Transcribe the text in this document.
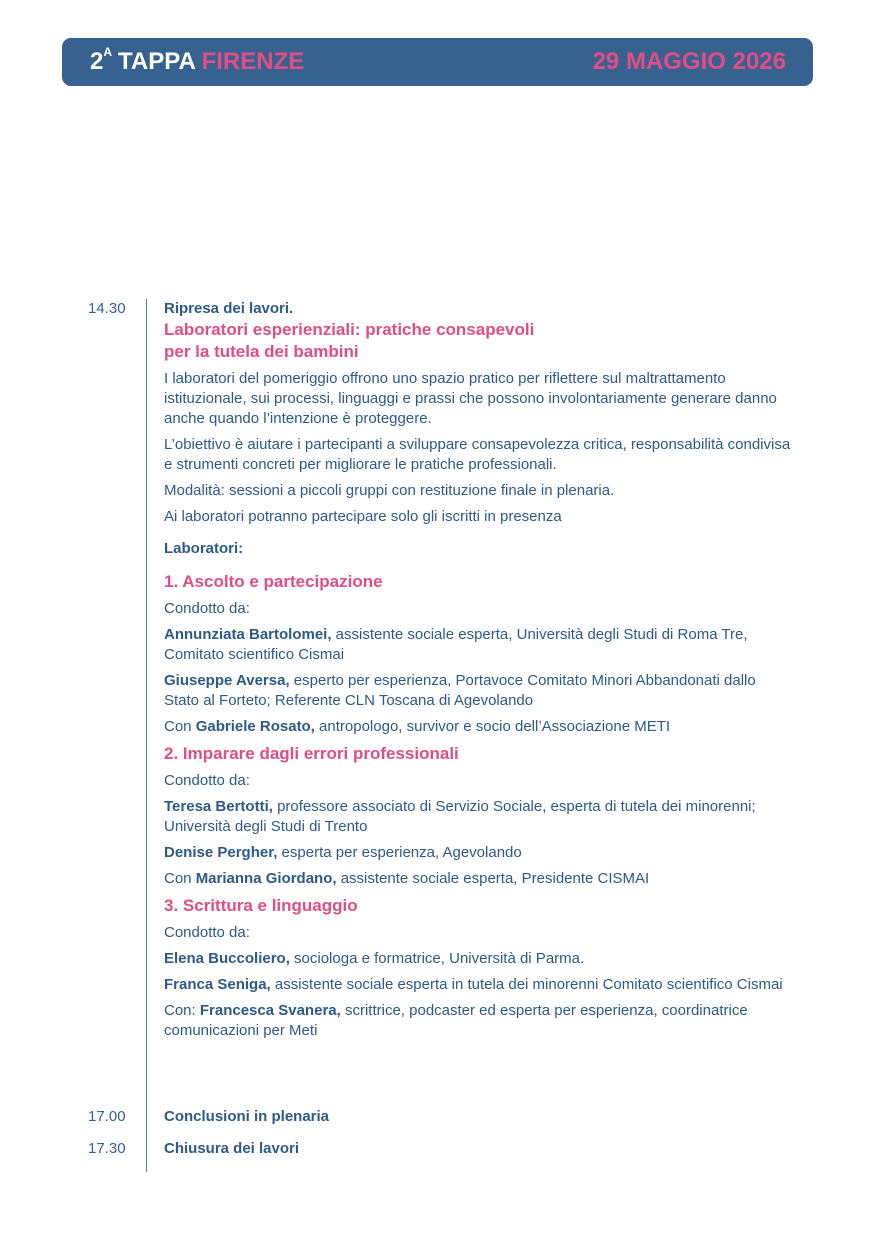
$2^A$ TAPPA FIRENZE	29 MAGGIO 2026
14.30
17.00
17.30

Ripresa dei lavori.

Laboratori esperienziali: pratiche consapevoli

per la tutela dei bambini

I laboratori del pomeriggio offrono uno spazio pratico per riflettere sul maltrattamento istituzionale, sui processi, linguaggi e prassi che possono involontariamente generare danno anche quando l’intenzione è proteggere.

L’obiettivo è aiutare i partecipanti a sviluppare consapevolezza critica, responsabilità condivisa e strumenti concreti per migliorare le pratiche professionali.

Modalità: sessioni a piccoli gruppi con restituzione finale in plenaria.

Ai laboratori potranno partecipare solo gli iscritti in presenza

Laboratori:

1. Ascolto e partecipazione

Condotto da:

Annunziata Bartolomei, assistente sociale esperta, Università degli Studi di Roma Tre, Comitato scientifico Cismai

Giuseppe Aversa, esperto per esperienza, Portavoce Comitato Minori Abbandonati dallo Stato al Forteto; Referente CLN Toscana di Agevolando

Con Gabriele Rosato, antropologo, survivor e socio dell’Associazione METI

2. Imparare dagli errori professionali

Condotto da:

Teresa Bertotti, professore associato di Servizio Sociale, esperta di tutela dei minorenni; Università degli Studi di Trento

Denise Pergher, esperta per esperienza, Agevolando

Con Marianna Giordano, assistente sociale esperta, Presidente CISMAI

3. Scrittura e linguaggio

Condotto da:

Elena Buccoliero, sociologa e formatrice, Università di Parma.

Franca Seniga, assistente sociale esperta in tutela dei minorenni Comitato scientifico Cismai

Con: Francesca Svanera, scrittrice, podcaster ed esperta per esperienza, coordinatrice comunicazioni per Meti

Conclusioni in plenaria
Chiusura dei lavori
